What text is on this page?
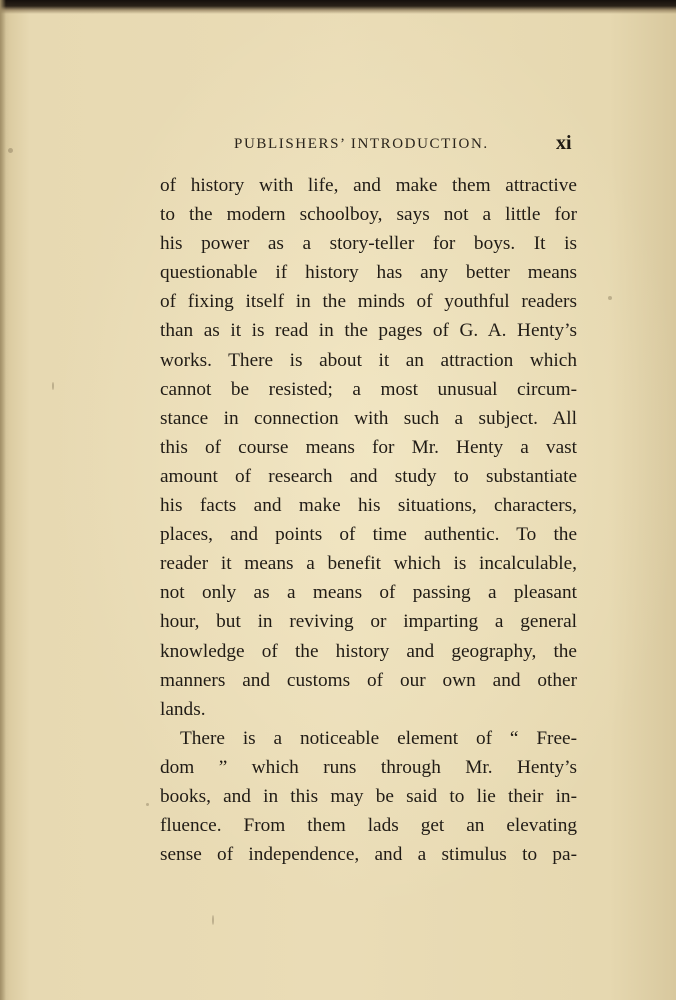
PUBLISHERS’ INTRODUCTION.	xi
of history with life, and make them attractive
to the modern schoolboy, says not a little for
his power as a story-teller for boys. It is
questionable if history has any better means
of fixing itself in the minds of youthful readers
than as it is read in the pages of G. A. Henty’s
works. There is about it an attraction which
cannot be resisted; a most unusual circum-
stance in connection with such a subject. All
this of course means for Mr. Henty a vast
amount of research and study to substantiate
his facts and make his situations, characters,
places, and points of time authentic. To the
reader it means a benefit which is incalculable,
not only as a means of passing a pleasant
hour, but in reviving or imparting a general
knowledge of the history and geography, the
manners and customs of our own and other
lands.
There is a noticeable element of “ Free-
dom ” which runs through Mr. Henty’s
books, and in this may be said to lie their in-
fluence. From them lads get an elevating
sense of independence, and a stimulus to pa-
